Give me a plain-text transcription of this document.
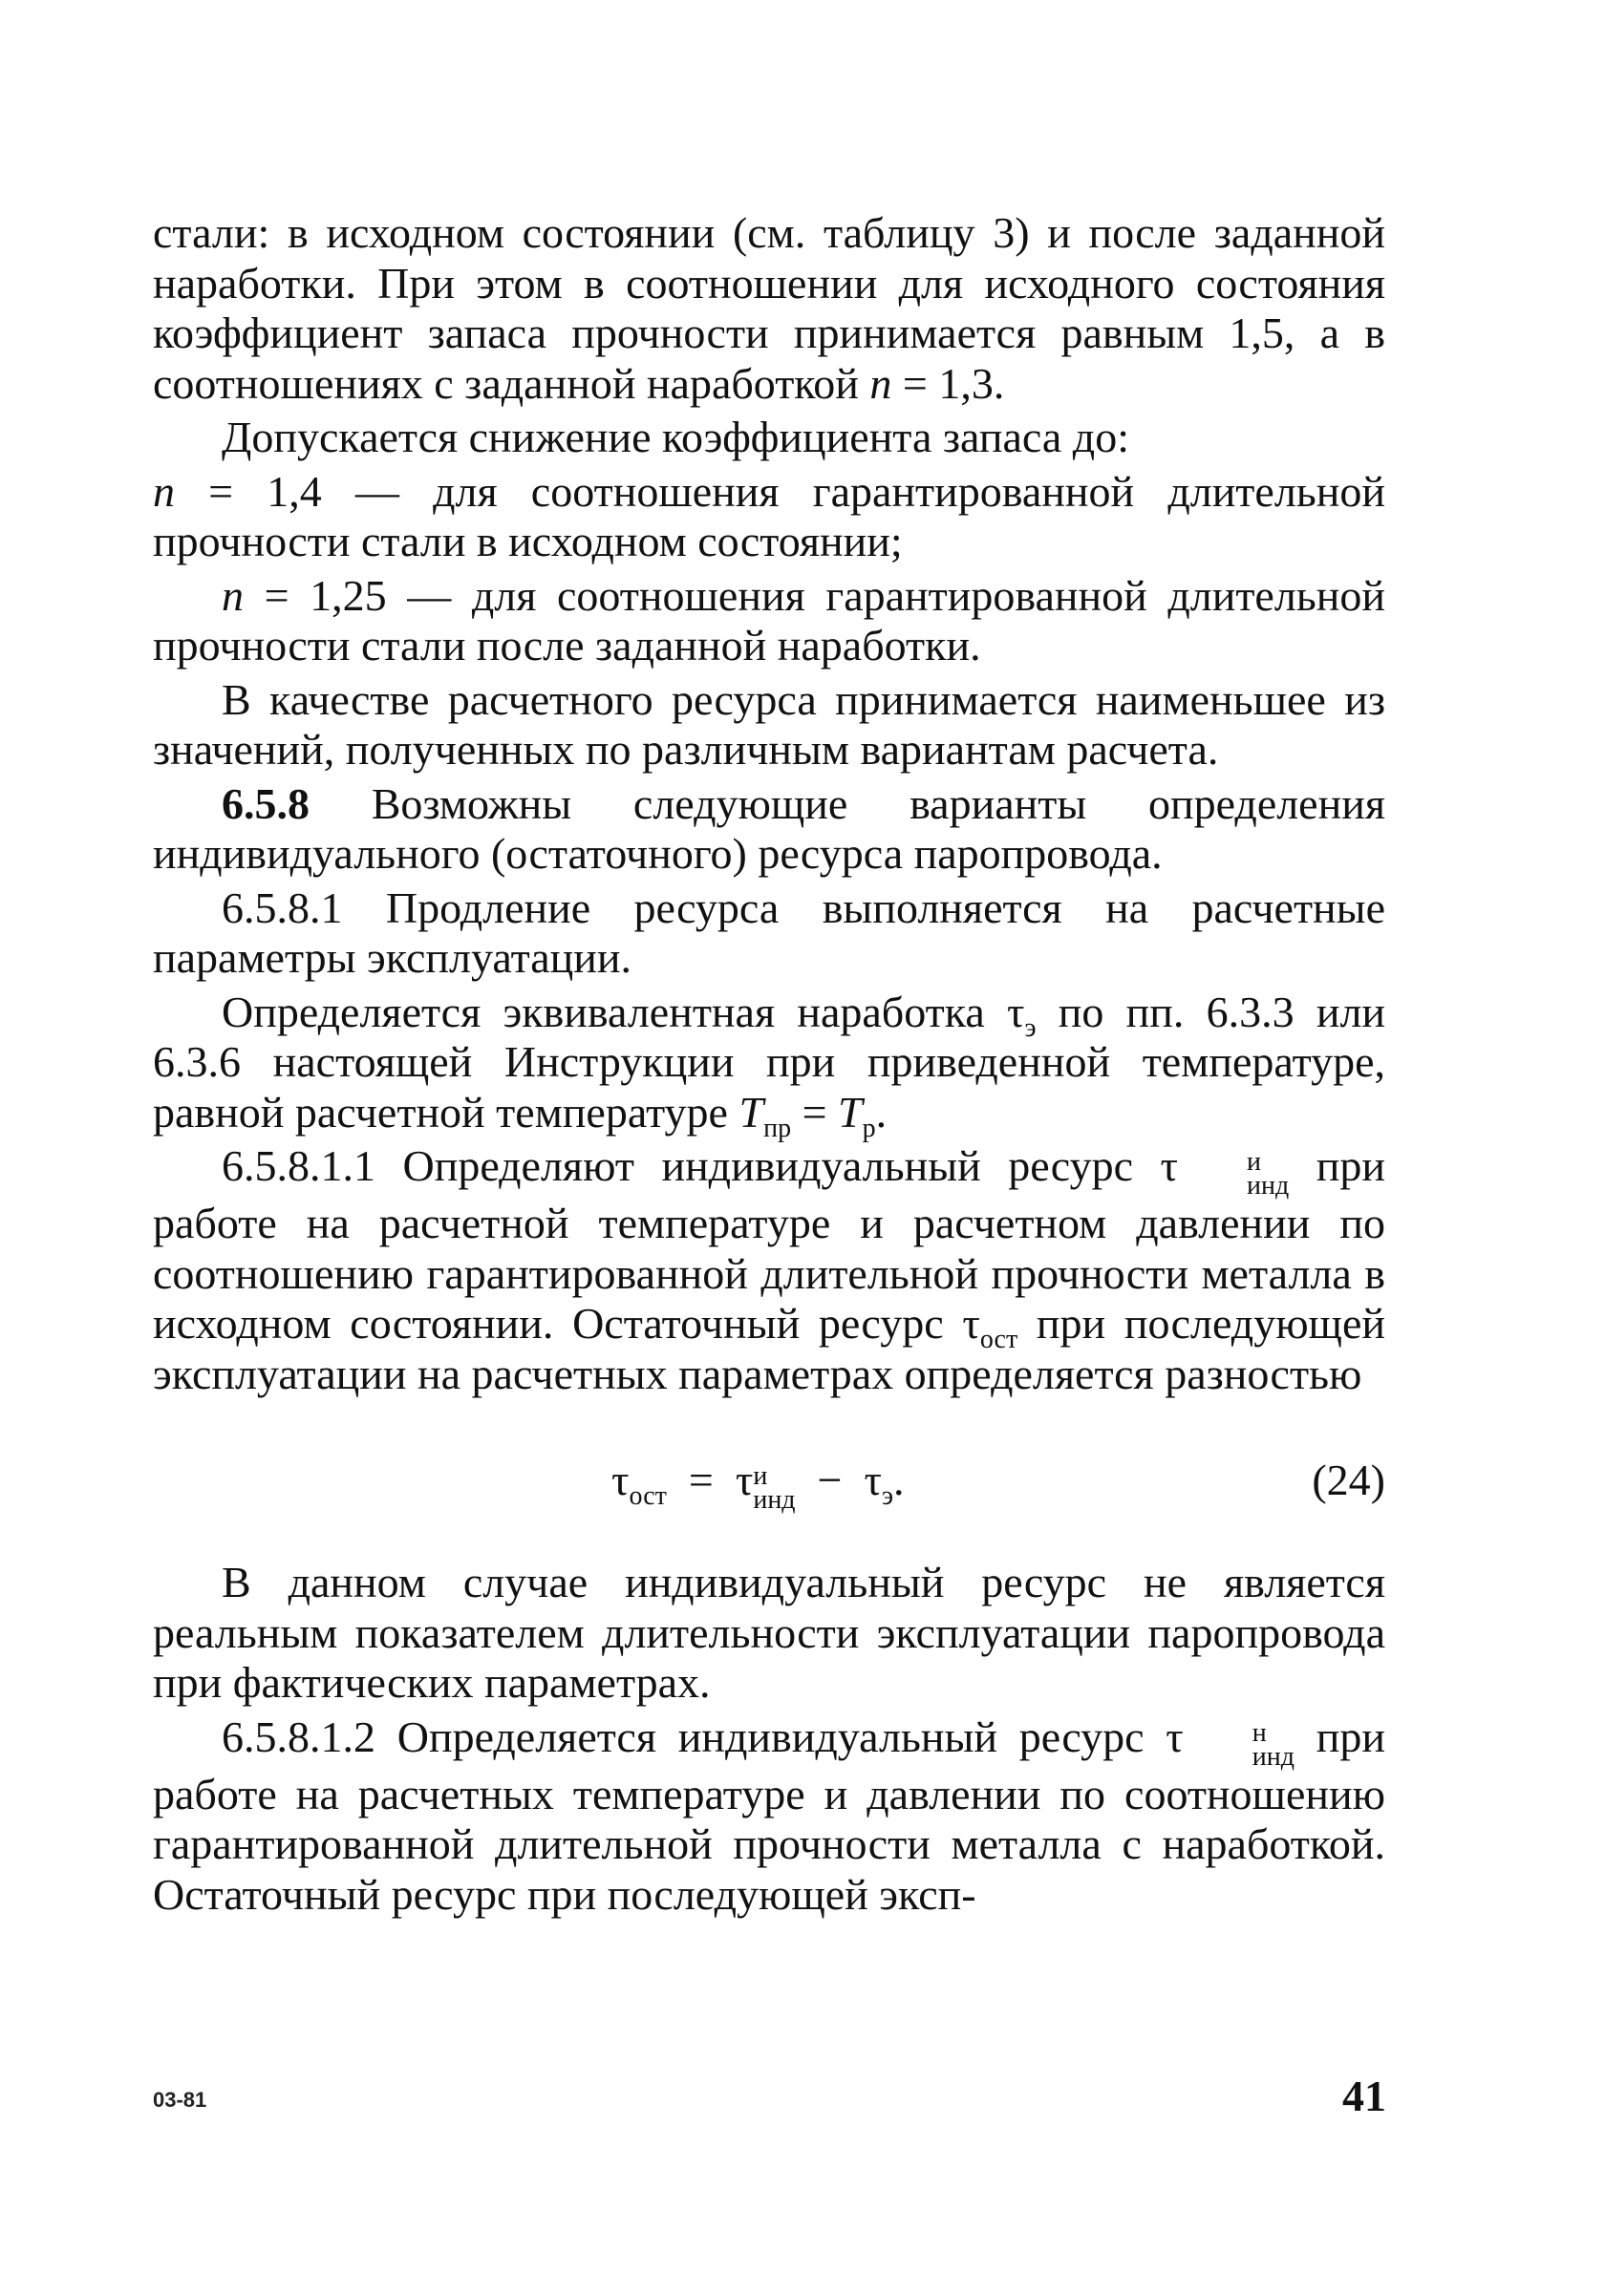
стали: в исходном состоянии (см. таблицу 3) и после заданной наработки. При этом в соотношении для исходного состояния коэффициент запаса прочности принимается равным 1,5, а в соотношениях с заданной наработкой n = 1,3.

Допускается снижение коэффициента запаса до:

n = 1,4 — для соотношения гарантированной длительной прочности стали в исходном состоянии;

n = 1,25 — для соотношения гарантированной длительной прочности стали после заданной наработки.

В качестве расчетного ресурса принимается наименьшее из значений, полученных по различным вариантам расчета.

6.5.8 Возможны следующие варианты определения индивидуального (остаточного) ресурса паропровода.

6.5.8.1 Продление ресурса выполняется на расчетные параметры эксплуатации.

Определяется эквивалентная наработка $\tau_э$ по пп. 6.3.3 или 6.3.6 настоящей Инструкции при приведенной температуре, равной расчетной температуре $T_{пр} = T_р$.

6.5.8.1.1 Определяют индивидуальный ресурс τ	и
инд при работе на расчетной температуре и расчетном давлении по соотношению гарантированной длительной прочности металла в исходном состоянии. Остаточный ресурс $\tau_{ост}$ при последующей эксплуатации на расчетных параметрах определяется разностью

$\tau_{ост} = \tau$ и
инд − $\tau_э$.	(24)

В данном случае индивидуальный ресурс не является реальным показателем длительности эксплуатации паропровода при фактических параметрах.

6.5.8.1.2 Определяется индивидуальный ресурс τ	н
инд при работе на расчетных температуре и давлении по соотношению гарантированной длительной прочности металла с наработкой. Остаточный ресурс при последующей эксп-

03-81	41
